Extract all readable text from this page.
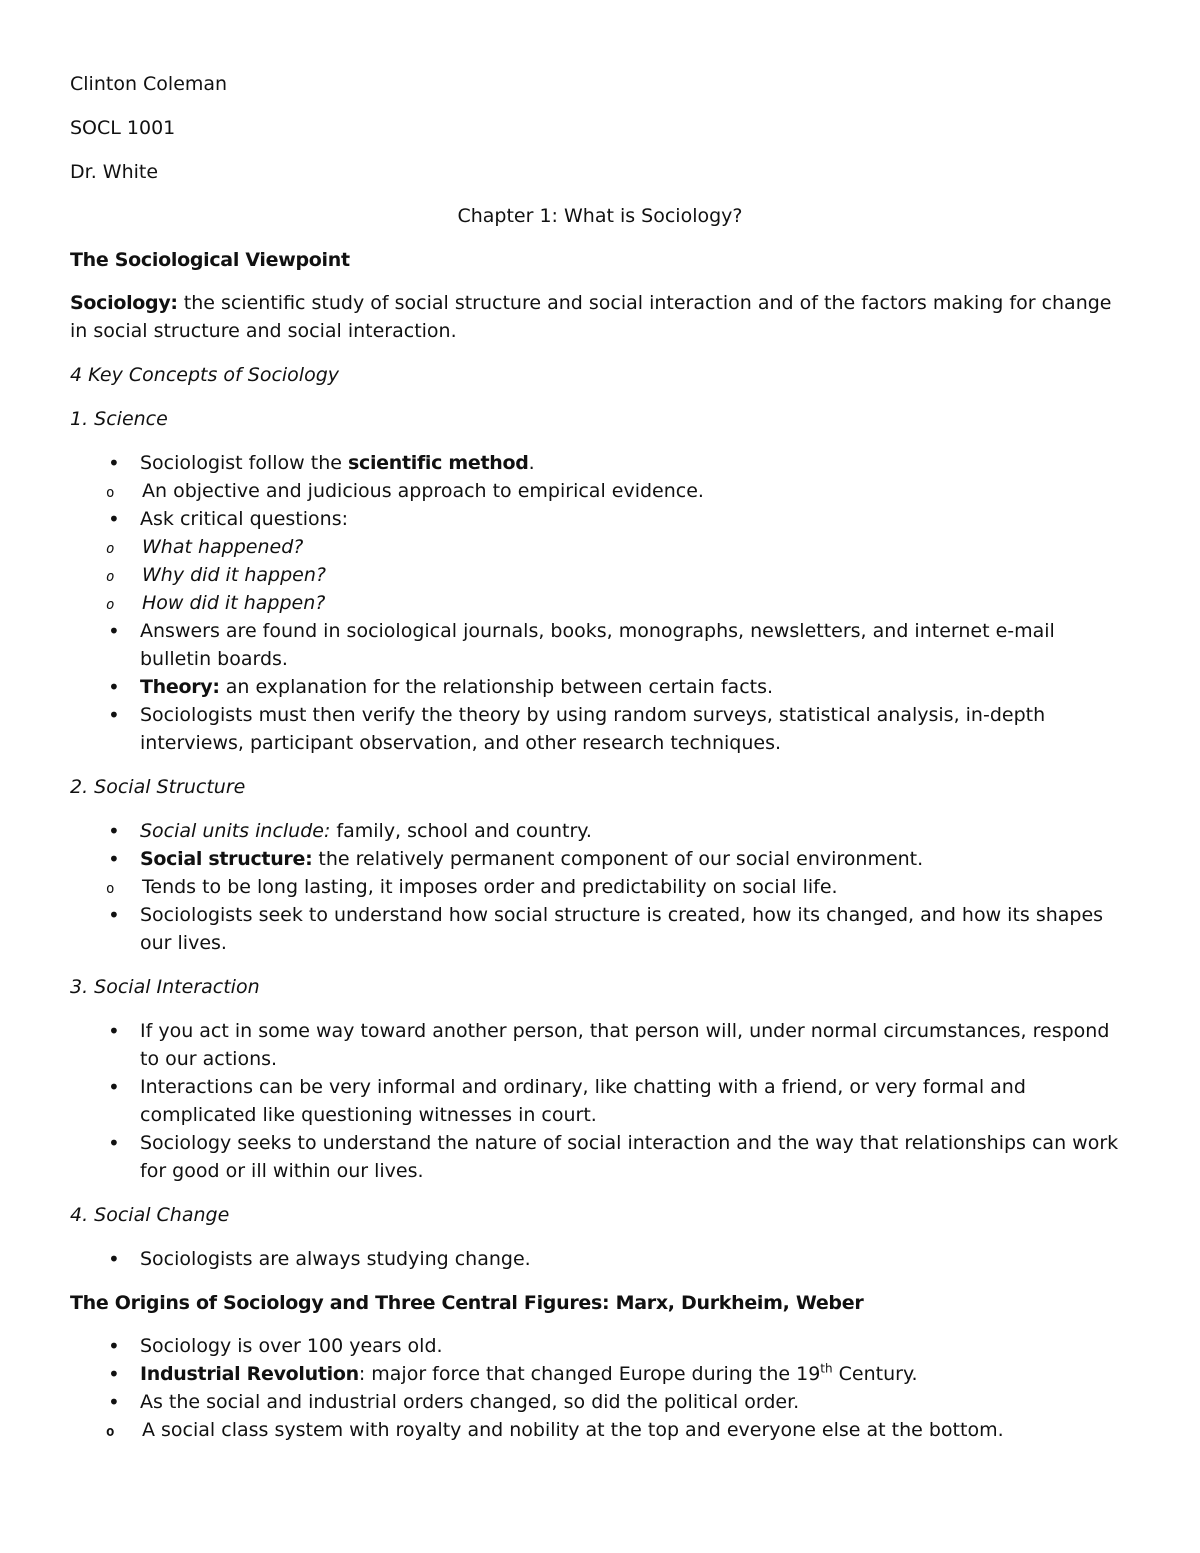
Clinton Coleman

SOCL 1001

Dr. White

Chapter 1: What is Sociology?

The Sociological Viewpoint

Sociology: the scientific study of social structure and social interaction and of the factors making for change in social structure and social interaction.

4 Key Concepts of Sociology

1. Science

• Sociologist follow the scientific method.
o An objective and judicious approach to empirical evidence.
• Ask critical questions:
o What happened?
o Why did it happen?
o How did it happen?
• Answers are found in sociological journals, books, monographs, newsletters, and internet e-mail bulletin boards.
• Theory: an explanation for the relationship between certain facts.
• Sociologists must then verify the theory by using random surveys, statistical analysis, in-depth interviews, participant observation, and other research techniques.

2. Social Structure

• Social units include: family, school and country.
• Social structure: the relatively permanent component of our social environment.
o Tends to be long lasting, it imposes order and predictability on social life.
• Sociologists seek to understand how social structure is created, how its changed, and how its shapes our lives.

3. Social Interaction

• If you act in some way toward another person, that person will, under normal circumstances, respond to our actions.
• Interactions can be very informal and ordinary, like chatting with a friend, or very formal and complicated like questioning witnesses in court.
• Sociology seeks to understand the nature of social interaction and the way that relationships can work for good or ill within our lives.

4. Social Change

• Sociologists are always studying change.

The Origins of Sociology and Three Central Figures: Marx, Durkheim, Weber

• Sociology is over 100 years old.
• Industrial Revolution: major force that changed Europe during the 19th Century.
• As the social and industrial orders changed, so did the political order.
o A social class system with royalty and nobility at the top and everyone else at the bottom.
